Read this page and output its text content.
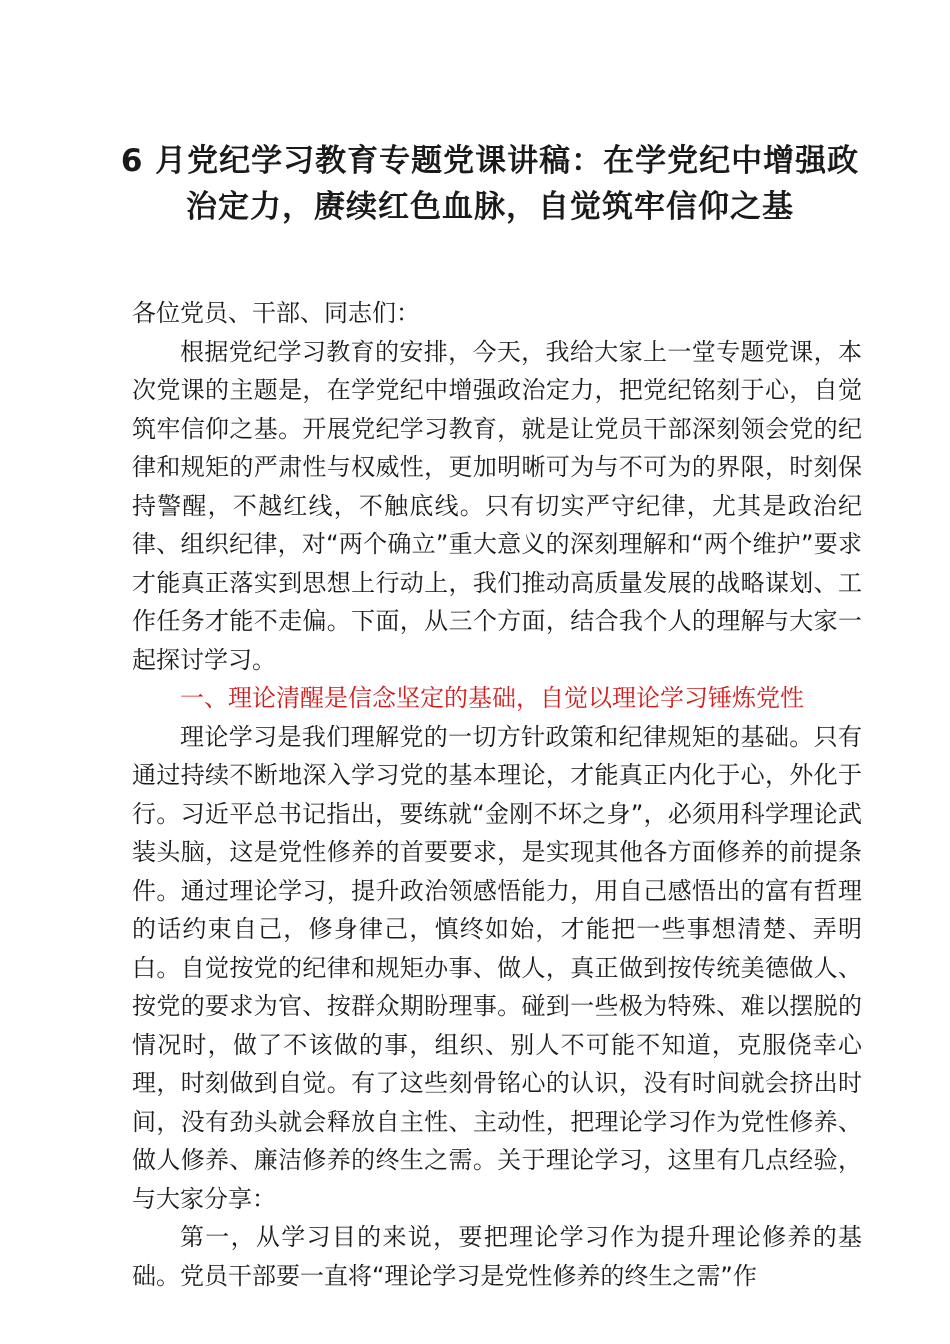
6 月党纪学习教育专题党课讲稿：在学党纪中增强政治定力，赓续红色血脉，自觉筑牢信仰之基

各位党员、干部、同志们：

根据党纪学习教育的安排，今天，我给大家上一堂专题党课，本次党课的主题是，在学党纪中增强政治定力，把党纪铭刻于心，自觉筑牢信仰之基。开展党纪学习教育，就是让党员干部深刻领会党的纪律和规矩的严肃性与权威性，更加明晰可为与不可为的界限，时刻保持警醒，不越红线，不触底线。只有切实严守纪律，尤其是政治纪律、组织纪律，对“两个确立”重大意义的深刻理解和“两个维护”要求才能真正落实到思想上行动上，我们推动高质量发展的战略谋划、工作任务才能不走偏。下面，从三个方面，结合我个人的理解与大家一起探讨学习。

一、理论清醒是信念坚定的基础，自觉以理论学习锤炼党性

理论学习是我们理解党的一切方针政策和纪律规矩的基础。只有通过持续不断地深入学习党的基本理论，才能真正内化于心，外化于行。习近平总书记指出，要练就“金刚不坏之身”，必须用科学理论武装头脑，这是党性修养的首要要求，是实现其他各方面修养的前提条件。通过理论学习，提升政治领感悟能力，用自己感悟出的富有哲理的话约束自己，修身律己，慎终如始，才能把一些事想清楚、弄明白。自觉按党的纪律和规矩办事、做人，真正做到按传统美德做人、按党的要求为官、按群众期盼理事。碰到一些极为特殊、难以摆脱的情况时，做了不该做的事，组织、别人不可能不知道，克服侥幸心理，时刻做到自觉。有了这些刻骨铭心的认识，没有时间就会挤出时间，没有劲头就会释放自主性、主动性，把理论学习作为党性修养、做人修养、廉洁修养的终生之需。关于理论学习，这里有几点经验，与大家分享：

第一，从学习目的来说，要把理论学习作为提升理论修养的基础。党员干部要一直将“理论学习是党性修养的终生之需”作
